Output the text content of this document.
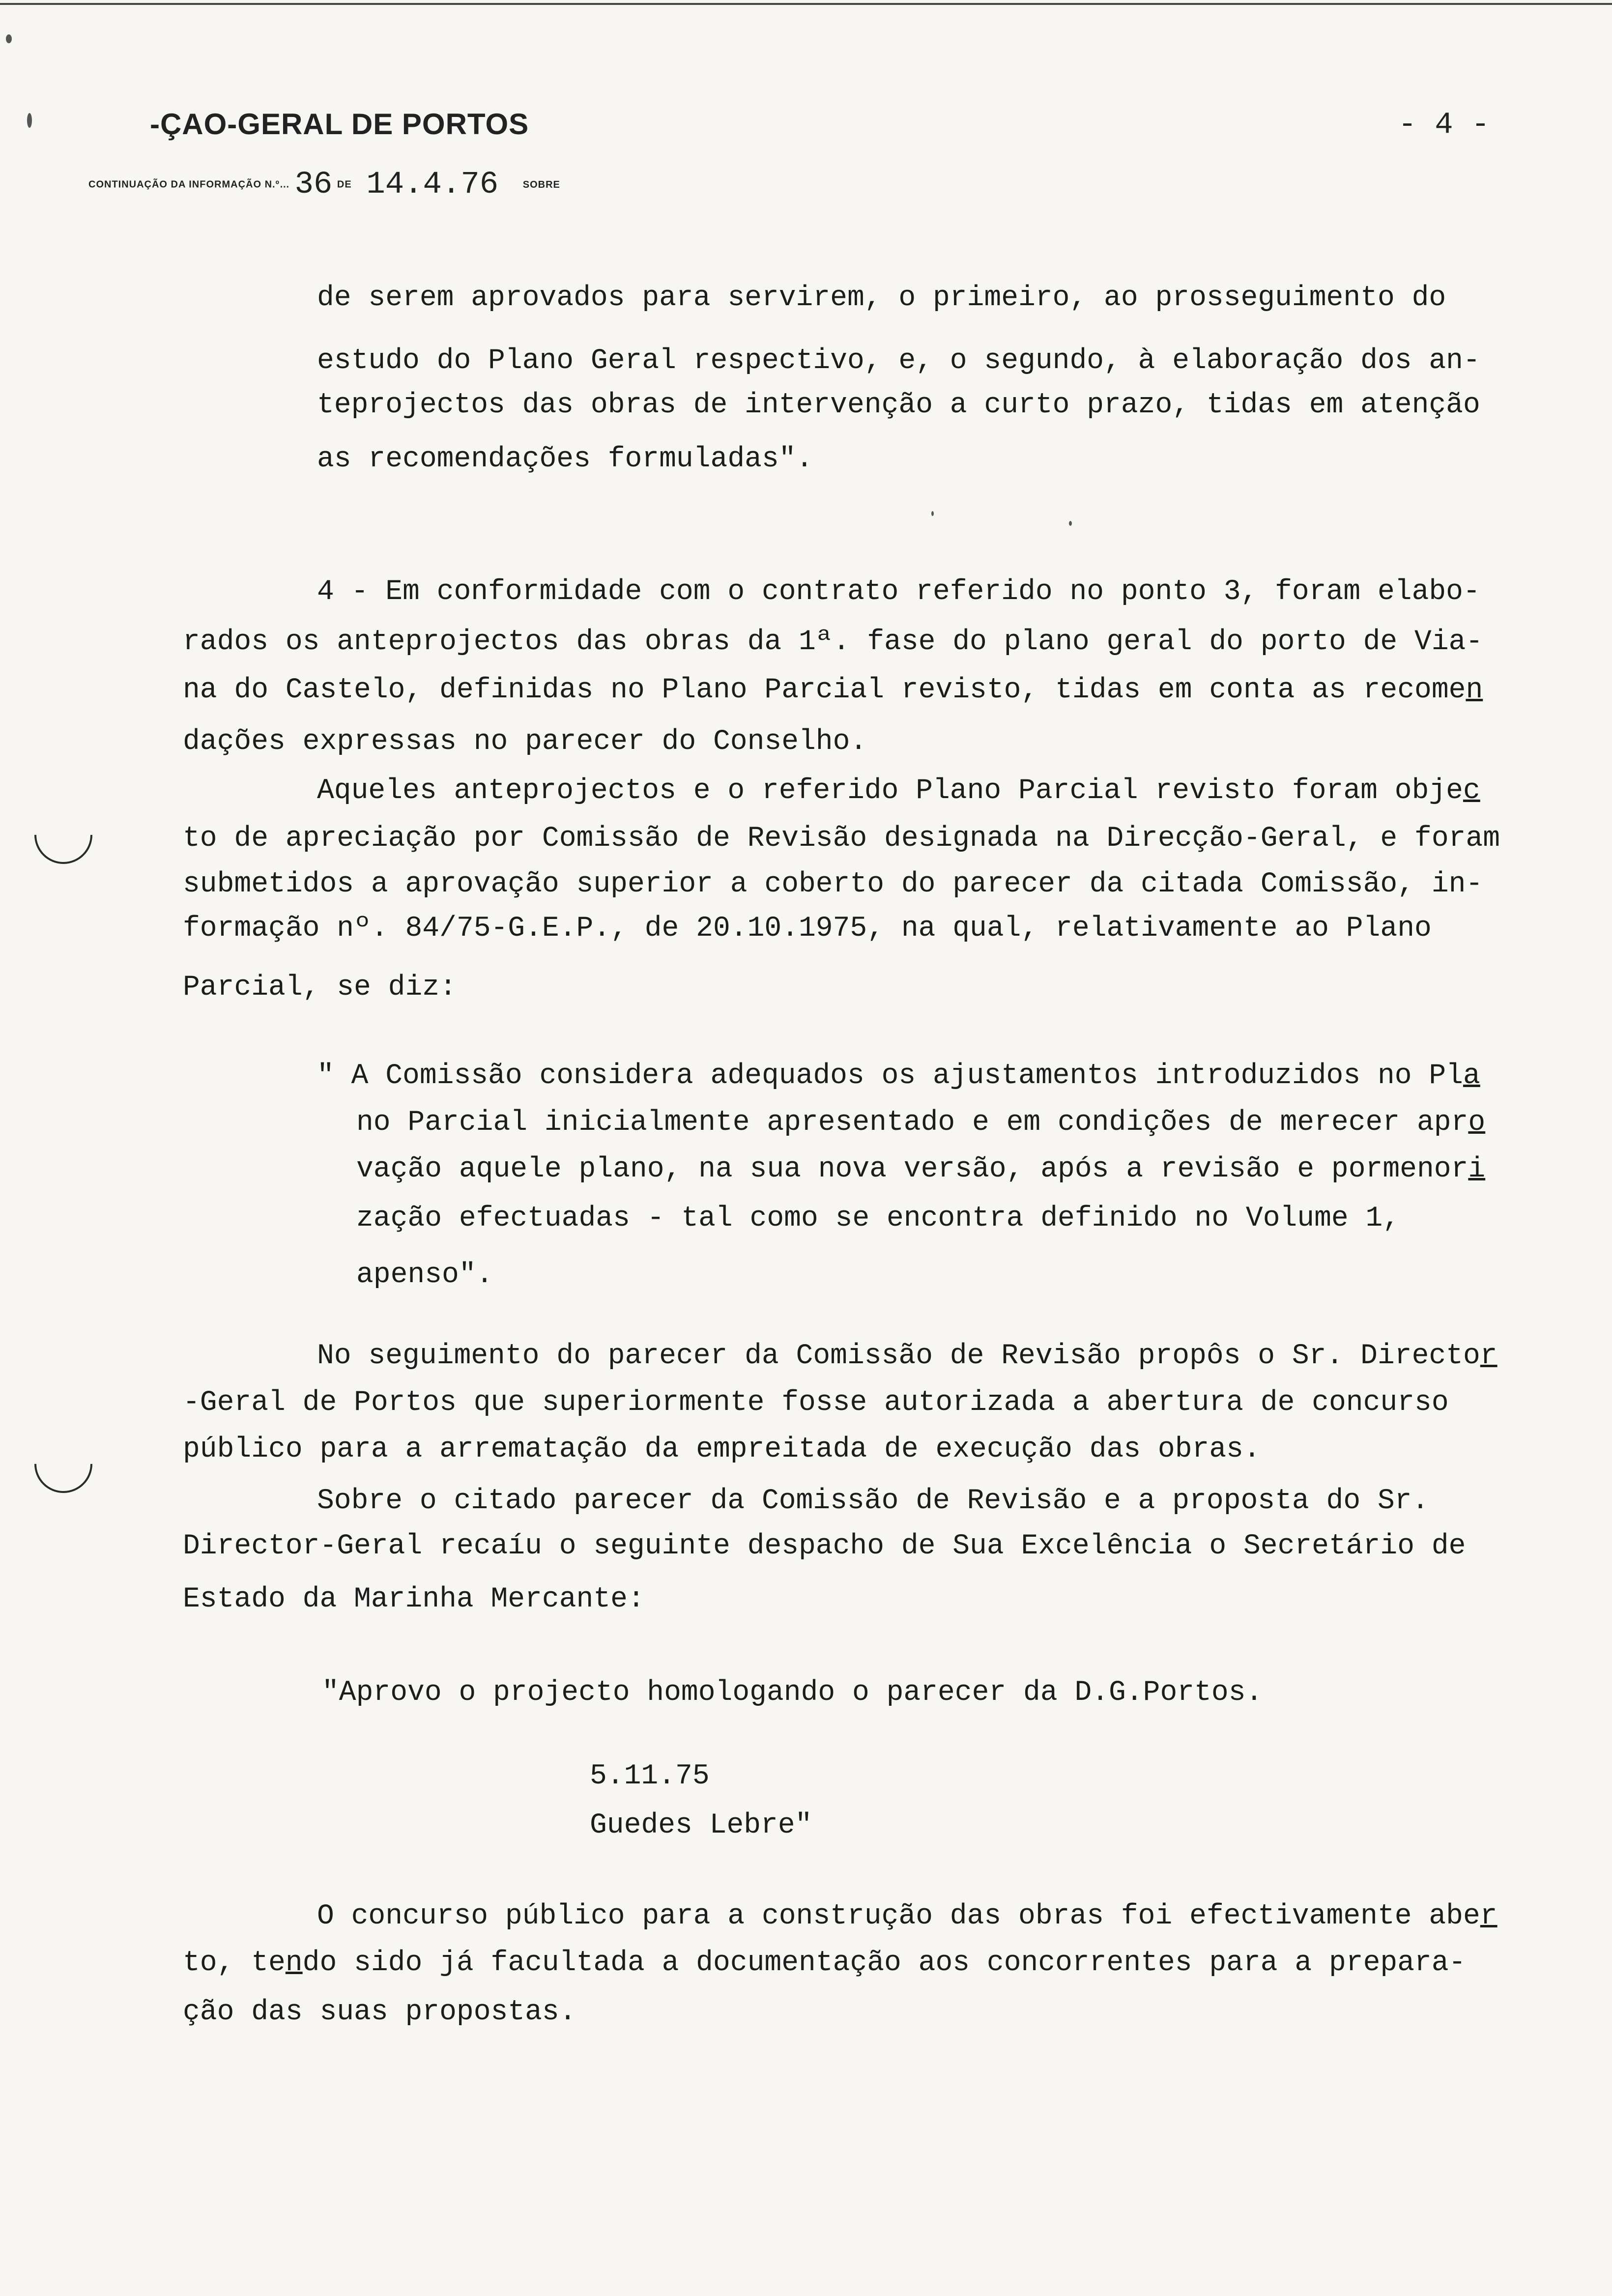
-ÇAO-GERAL DE PORTOS	- 4 -
CONTINUAÇÃO DA INFORMAÇÃO N.º… 36 DE 14.4.76 SOBRE
de serem aprovados para servirem, o primeiro, ao prosseguimento do
estudo do Plano Geral respectivo, e, o segundo, à elaboração dos an-
teprojectos das obras de intervenção a curto prazo, tidas em atenção
as recomendações formuladas".
4 - Em conformidade com o contrato referido no ponto 3, foram elabo-
rados os anteprojectos das obras da 1ª. fase do plano geral do porto de Via-
na do Castelo, definidas no Plano Parcial revisto, tidas em conta as recomen
dações expressas no parecer do Conselho.
Aqueles anteprojectos e o referido Plano Parcial revisto foram objec
to de apreciação por Comissão de Revisão designada na Direcção-Geral, e foram
submetidos a aprovação superior a coberto do parecer da citada Comissão, in-
formação nº. 84/75-G.E.P., de 20.10.1975, na qual, relativamente ao Plano
Parcial, se diz:
" A Comissão considera adequados os ajustamentos introduzidos no Pla
no Parcial inicialmente apresentado e em condições de merecer apro
vação aquele plano, na sua nova versão, após a revisão e pormenori
zação efectuadas - tal como se encontra definido no Volume 1,
apenso".
No seguimento do parecer da Comissão de Revisão propôs o Sr. Director
-Geral de Portos que superiormente fosse autorizada a abertura de concurso
público para a arrematação da empreitada de execução das obras.
Sobre o citado parecer da Comissão de Revisão e a proposta do Sr.
Director-Geral recaíu o seguinte despacho de Sua Excelência o Secretário de
Estado da Marinha Mercante:
"Aprovo o projecto homologando o parecer da D.G.Portos.
5.11.75
Guedes Lebre"
O concurso público para a construção das obras foi efectivamente aber
to, tendo sido já facultada a documentação aos concorrentes para a prepara-
ção das suas propostas.
